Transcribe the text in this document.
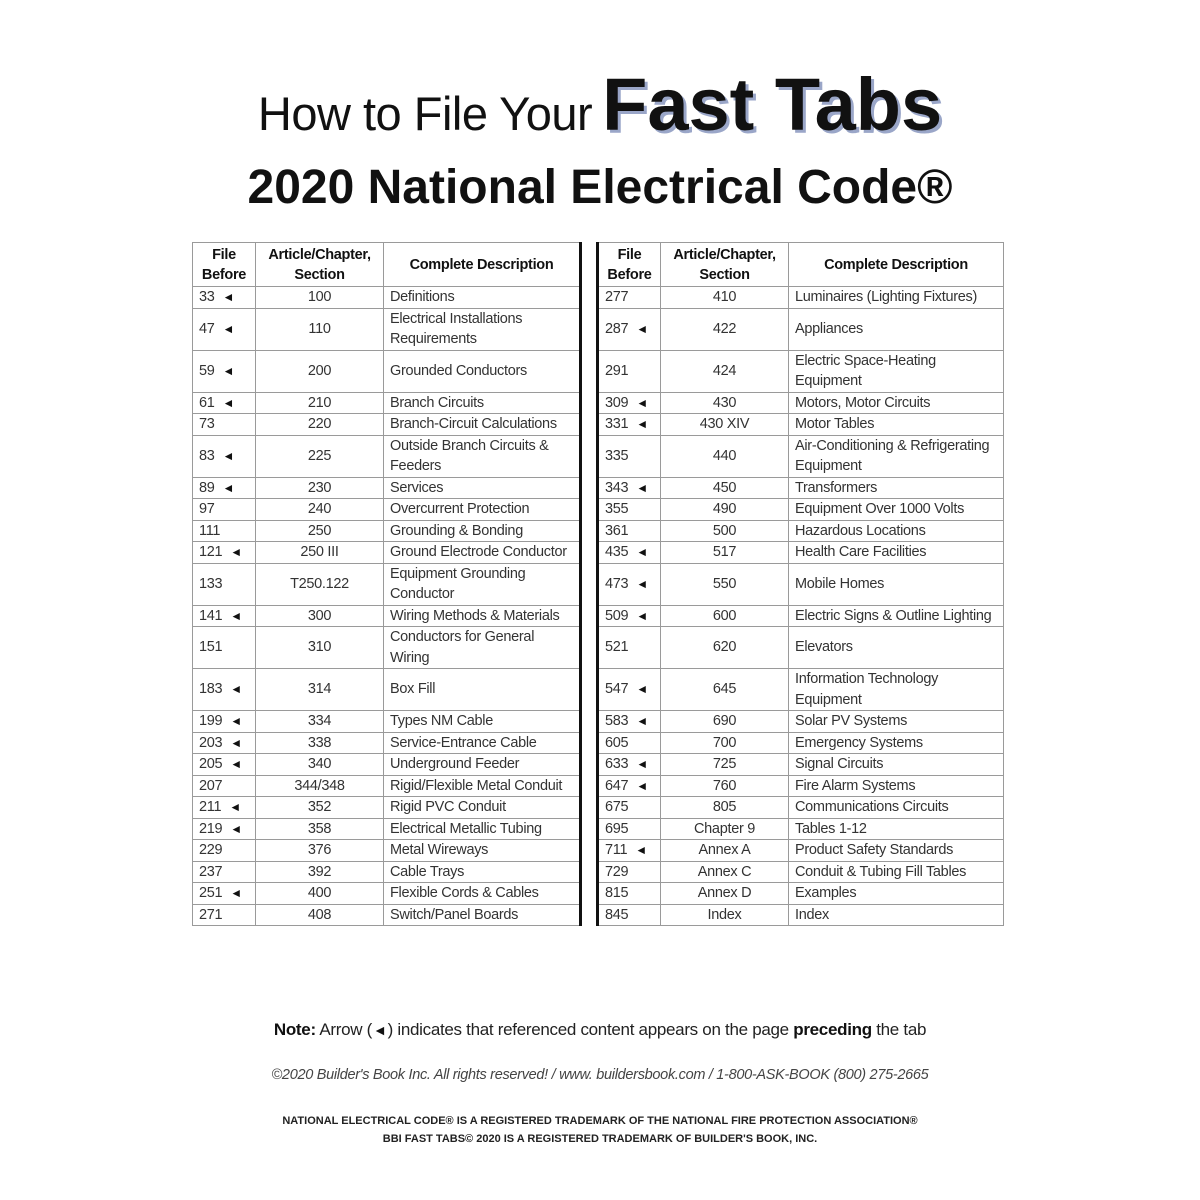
How to File Your Fast Tabs
2020 National Electrical Code®
File Before	Article/Chapter, Section	Complete Description		File Before	Article/Chapter, Section	Complete Description
33 ◄	100	Definitions		277	410	Luminaires (Lighting Fixtures)
47 ◄	110	Electrical Installations Requirements		287 ◄	422	Appliances
59 ◄	200	Grounded Conductors		291	424	Electric Space-Heating Equipment
61 ◄	210	Branch Circuits		309 ◄	430	Motors, Motor Circuits
73	220	Branch-Circuit Calculations		331 ◄	430 XIV	Motor Tables
83 ◄	225	Outside Branch Circuits & Feeders		335	440	Air-Conditioning & Refrigerating Equipment
89 ◄	230	Services		343 ◄	450	Transformers
97	240	Overcurrent Protection		355	490	Equipment Over 1000 Volts
111	250	Grounding & Bonding		361	500	Hazardous Locations
121 ◄	250 III	Ground Electrode Conductor		435 ◄	517	Health Care Facilities
133	T250.122	Equipment Grounding Conductor		473 ◄	550	Mobile Homes
141 ◄	300	Wiring Methods & Materials		509 ◄	600	Electric Signs & Outline Lighting
151	310	Conductors for General Wiring		521	620	Elevators
183 ◄	314	Box Fill		547 ◄	645	Information Technology Equipment
199 ◄	334	Types NM Cable		583 ◄	690	Solar PV Systems
203 ◄	338	Service-Entrance Cable		605	700	Emergency Systems
205 ◄	340	Underground Feeder		633 ◄	725	Signal Circuits
207	344/348	Rigid/Flexible Metal Conduit		647 ◄	760	Fire Alarm Systems
211 ◄	352	Rigid PVC Conduit		675	805	Communications Circuits
219 ◄	358	Electrical Metallic Tubing		695	Chapter 9	Tables 1-12
229	376	Metal Wireways		711 ◄	Annex A	Product Safety Standards
237	392	Cable Trays		729	Annex C	Conduit & Tubing Fill Tables
251 ◄	400	Flexible Cords & Cables		815	Annex D	Examples
271	408	Switch/Panel Boards		845	Index	Index
Note: Arrow (◄) indicates that referenced content appears on the page preceding the tab
©2020 Builder's Book Inc. All rights reserved! / www. buildersbook.com / 1-800-ASK-BOOK (800) 275-2665
NATIONAL ELECTRICAL CODE® IS A REGISTERED TRADEMARK OF THE NATIONAL FIRE PROTECTION ASSOCIATION®
BBI FAST TABS© 2020 IS A REGISTERED TRADEMARK OF BUILDER'S BOOK, INC.
